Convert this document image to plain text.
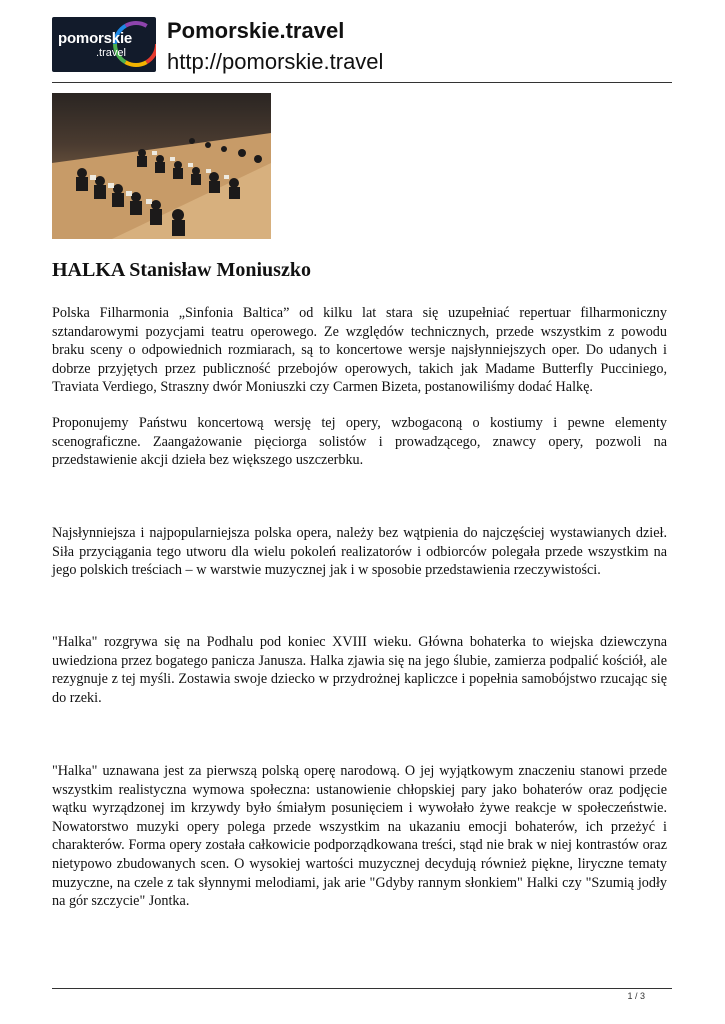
pomorskie
.travel
Pomorskie.travel
http://pomorskie.travel
HALKA Stanisław Moniuszko

Polska Filharmonia „Sinfonia Baltica” od kilku lat stara się uzupełniać repertuar filharmoniczny sztandarowymi pozycjami teatru operowego. Ze względów technicznych, przede wszystkim z powodu braku sceny o odpowiednich rozmiarach, są to koncertowe wersje najsłynniejszych oper. Do udanych i dobrze przyjętych przez publiczność przebojów operowych, takich jak Madame Butterfly Pucciniego, Traviata Verdiego, Straszny dwór Moniuszki czy Carmen Bizeta, postanowiliśmy dodać Halkę.

Proponujemy Państwu koncertową wersję tej opery, wzbogaconą o kostiumy i pewne elementy scenograficzne. Zaangażowanie pięciorga solistów i prowadzącego, znawcy opery, pozwoli na przedstawienie akcji dzieła bez większego uszczerbku.

Najsłynniejsza i najpopularniejsza polska opera, należy bez wątpienia do najczęściej wystawianych dzieł. Siła przyciągania tego utworu dla wielu pokoleń realizatorów i odbiorców polegała przede wszystkim na jego polskich treściach – w warstwie muzycznej jak i w sposobie przedstawienia rzeczywistości.

"Halka" rozgrywa się na Podhalu pod koniec XVIII wieku. Główna bohaterka to wiejska dziewczyna uwiedziona przez bogatego panicza Janusza. Halka zjawia się na jego ślubie, zamierza podpalić kościół, ale rezygnuje z tej myśli. Zostawia swoje dziecko w przydrożnej kapliczce i popełnia samobójstwo rzucając się do rzeki.

"Halka" uznawana jest za pierwszą polską operę narodową. O jej wyjątkowym znaczeniu stanowi przede wszystkim realistyczna wymowa społeczna: ustanowienie chłopskiej pary jako bohaterów oraz podjęcie wątku wyrządzonej im krzywdy było śmiałym posunięciem i wywołało żywe reakcje w społeczeństwie. Nowatorstwo muzyki opery polega przede wszystkim na ukazaniu emocji bohaterów, ich przeżyć i charakterów. Forma opery została całkowicie podporządkowana treści, stąd nie brak w niej kontrastów oraz nietypowo zbudowanych scen. O wysokiej wartości muzycznej decydują również piękne, liryczne tematy muzyczne, na czele z tak słynnymi melodiami, jak arie "Gdyby rannym słonkiem" Halki czy "Szumią jodły na gór szczycie" Jontka.

1 / 3
